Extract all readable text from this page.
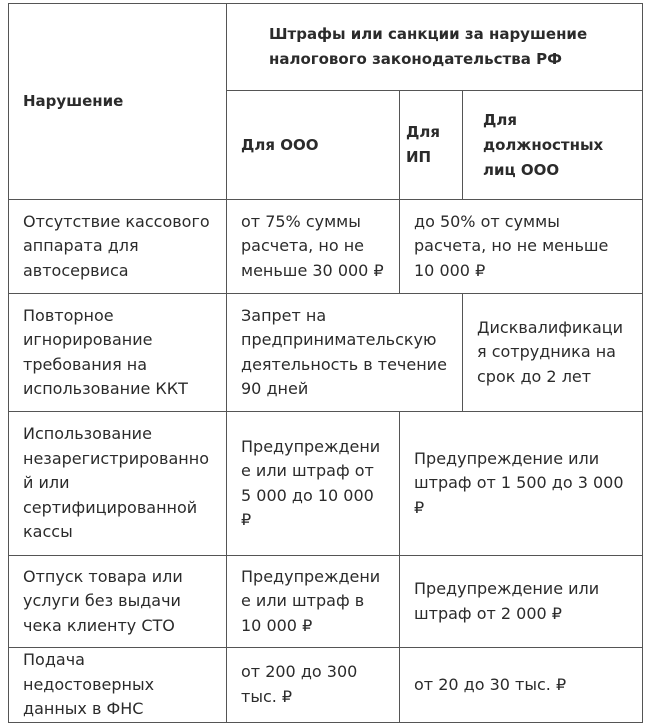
Нарушение	Штрафы или санкции за нарушение налогового законодательства РФ		
	Для ООО	Для ИП	Для должностных лиц ООО
Отсутствие кассового аппарата для автосервиса	от 75% суммы расчета, но не меньше 30 000 ₽	до 50% от суммы расчета, но не меньше 10 000 ₽	
Повторное игнорирование требования на использование ККТ	Запрет на предпринимательскую деятельность в течение 90 дней		Дисквалификация сотрудника на срок до 2 лет
Использование незарегистрированной или сертифицированной кассы	Предупреждение или штраф от 5 000 до 10 000 ₽	Предупреждение или штраф от 1 500 до 3 000 ₽	
Отпуск товара или услуги без выдачи чека клиенту СТО	Предупреждение или штраф в 10 000 ₽	Предупреждение или штраф от 2 000 ₽	
Подача недостоверных данных в ФНС	от 200 до 300 тыс. ₽	от 20 до 30 тыс. ₽	
